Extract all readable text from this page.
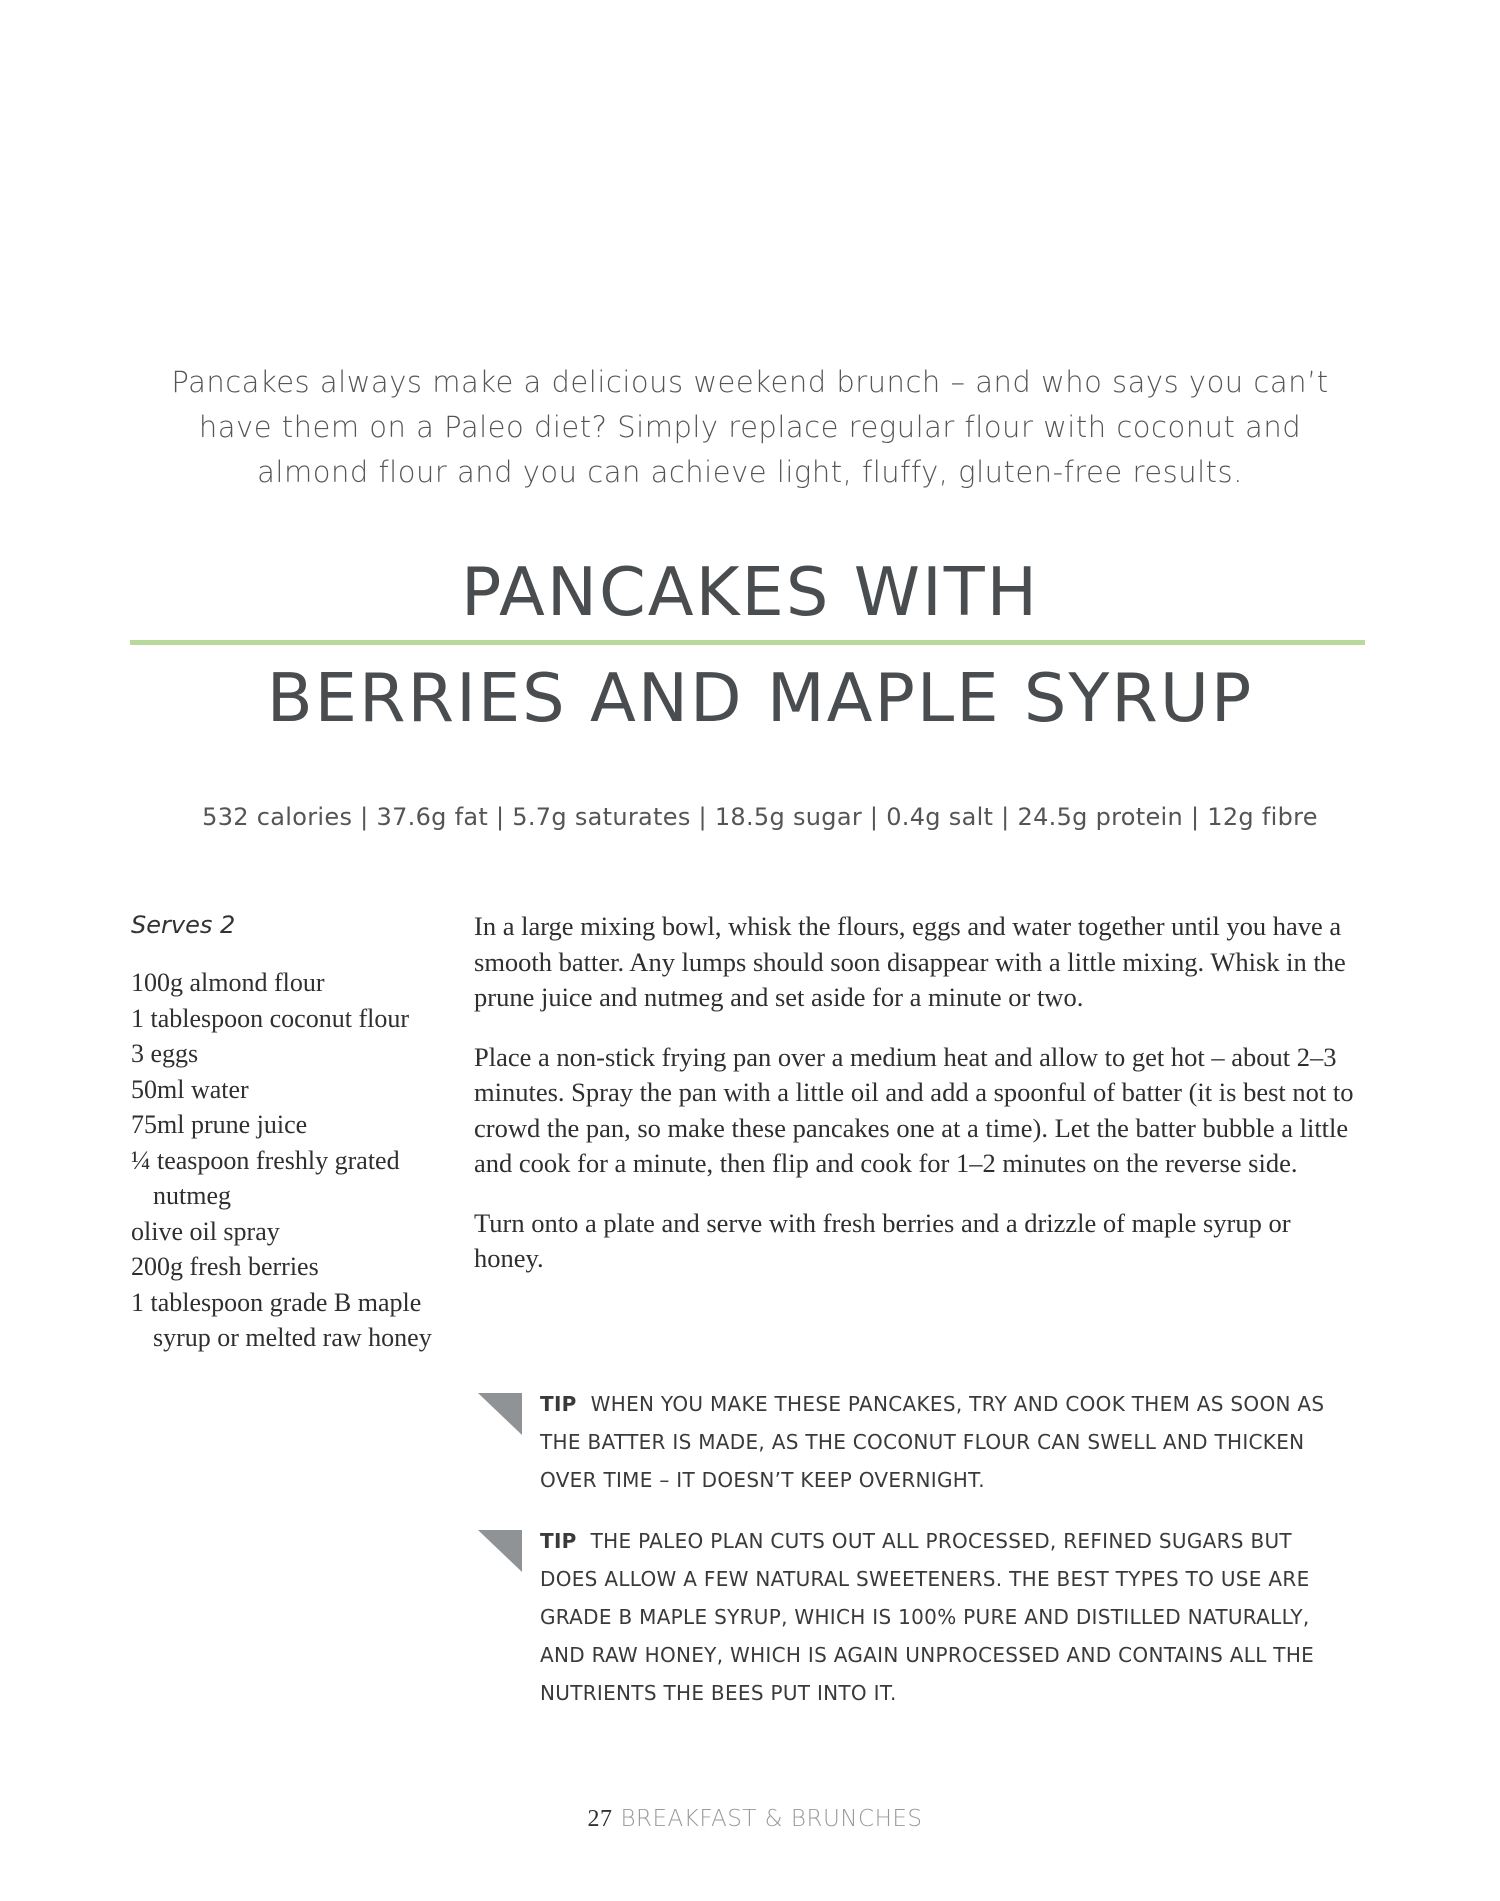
Pancakes always make a delicious weekend brunch – and who says you can’t have them on a Paleo diet? Simply replace regular flour with coconut and almond flour and you can achieve light, fluffy, gluten-free results.

PANCAKES WITH
BERRIES AND MAPLE SYRUP
532 calories | 37.6g fat | 5.7g saturates | 18.5g sugar | 0.4g salt | 24.5g protein | 12g fibre
Serves 2
100g almond flour
1 tablespoon coconut flour
3 eggs
50ml water
75ml prune juice
¼ teaspoon freshly grated nutmeg
olive oil spray
200g fresh berries
1 tablespoon grade B maple syrup or melted raw honey

In a large mixing bowl, whisk the flours, eggs and water together until you have a smooth batter. Any lumps should soon disappear with a little mixing. Whisk in the prune juice and nutmeg and set aside for a minute or two.

Place a non-stick frying pan over a medium heat and allow to get hot – about 2–3 minutes. Spray the pan with a little oil and add a spoonful of batter (it is best not to crowd the pan, so make these pancakes one at a time). Let the batter bubble a little and cook for a minute, then flip and cook for 1–2 minutes on the reverse side.

Turn onto a plate and serve with fresh berries and a drizzle of maple syrup or honey.

TIP WHEN YOU MAKE THESE PANCAKES, TRY AND COOK THEM AS SOON AS THE BATTER IS MADE, AS THE COCONUT FLOUR CAN SWELL AND THICKEN OVER TIME – IT DOESN’T KEEP OVERNIGHT.
TIP THE PALEO PLAN CUTS OUT ALL PROCESSED, REFINED SUGARS BUT DOES ALLOW A FEW NATURAL SWEETENERS. THE BEST TYPES TO USE ARE GRADE B MAPLE SYRUP, WHICH IS 100% PURE AND DISTILLED NATURALLY, AND RAW HONEY, WHICH IS AGAIN UNPROCESSED AND CONTAINS ALL THE NUTRIENTS THE BEES PUT INTO IT.
27 BREAKFAST & BRUNCHES
